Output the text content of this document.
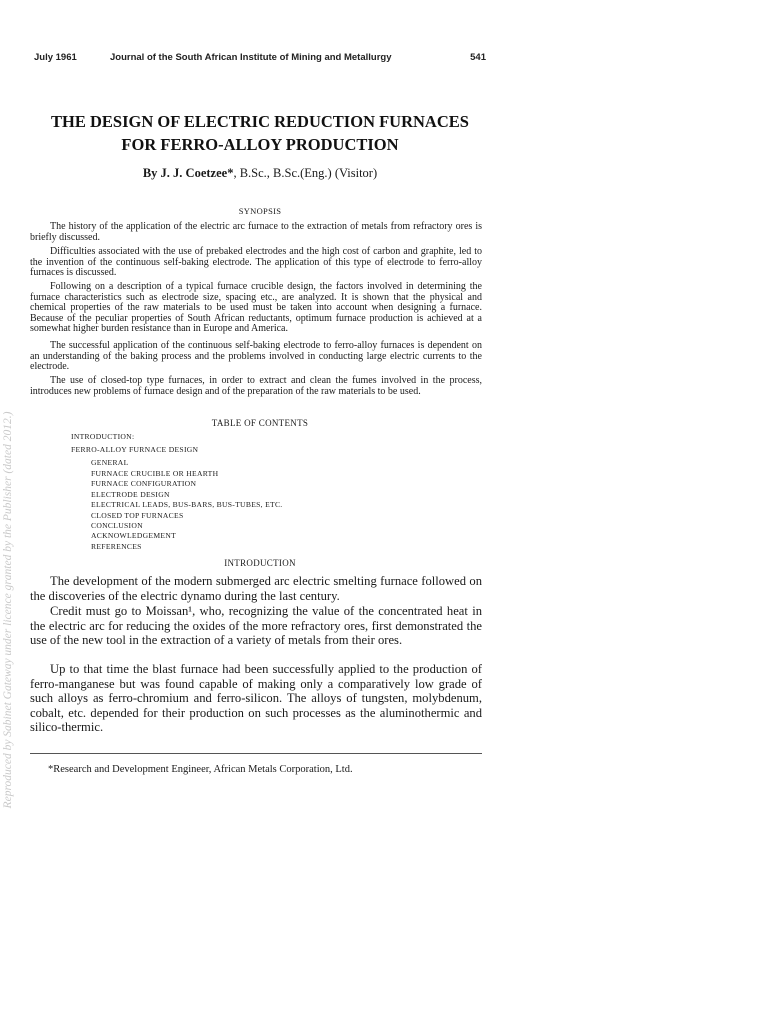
July 1961	Journal of the South African Institute of Mining and Metallurgy	541
THE DESIGN OF ELECTRIC REDUCTION FURNACES
FOR FERRO-ALLOY PRODUCTION
By J. J. Coetzee*, B.Sc., B.Sc.(Eng.) (Visitor)
SYNOPSIS

The history of the application of the electric arc furnace to the extraction of metals from refractory ores is briefly discussed.

Difficulties associated with the use of prebaked electrodes and the high cost of carbon and graphite, led to the invention of the continuous self-baking electrode. The application of this type of electrode to ferro-alloy furnaces is discussed.

Following on a description of a typical furnace crucible design, the factors involved in determining the furnace characteristics such as electrode size, spacing etc., are analyzed. It is shown that the physical and chemical properties of the raw materials to be used must be taken into account when designing a furnace. Because of the peculiar properties of South African reductants, optimum furnace production is achieved at a somewhat higher burden resistance than in Europe and America.

The successful application of the continuous self-baking electrode to ferro-alloy furnaces is dependent on an understanding of the baking process and the problems involved in conducting large electric currents to the electrode.

The use of closed-top type furnaces, in order to extract and clean the fumes involved in the process, introduces new problems of furnace design and of the preparation of the raw materials to be used.

TABLE OF CONTENTS
INTRODUCTION:
FERRO-ALLOY FURNACE DESIGN
GENERAL
FURNACE CRUCIBLE OR HEARTH
FURNACE CONFIGURATION
ELECTRODE DESIGN
ELECTRICAL LEADS, BUS-BARS, BUS-TUBES, ETC.
CLOSED TOP FURNACES
CONCLUSION
ACKNOWLEDGEMENT
REFERENCES
INTRODUCTION

The development of the modern submerged arc electric smelting furnace followed on the discoveries of the electric dynamo during the last century.

Credit must go to Moissan¹, who, recognizing the value of the concentrated heat in the electric arc for reducing the oxides of the more refractory ores, first demonstrated the use of the new tool in the extraction of a variety of metals from their ores.

Up to that time the blast furnace had been successfully applied to the production of ferro-manganese but was found capable of making only a comparatively low grade of such alloys as ferro-chromium and ferro-silicon. The alloys of tungsten, molybdenum, cobalt, etc. depended for their production on such processes as the aluminothermic and silico-thermic.

*Research and Development Engineer, African Metals Corporation, Ltd.
Reproduced by Sabinet Gateway under licence granted by the Publisher (dated 2012.)
